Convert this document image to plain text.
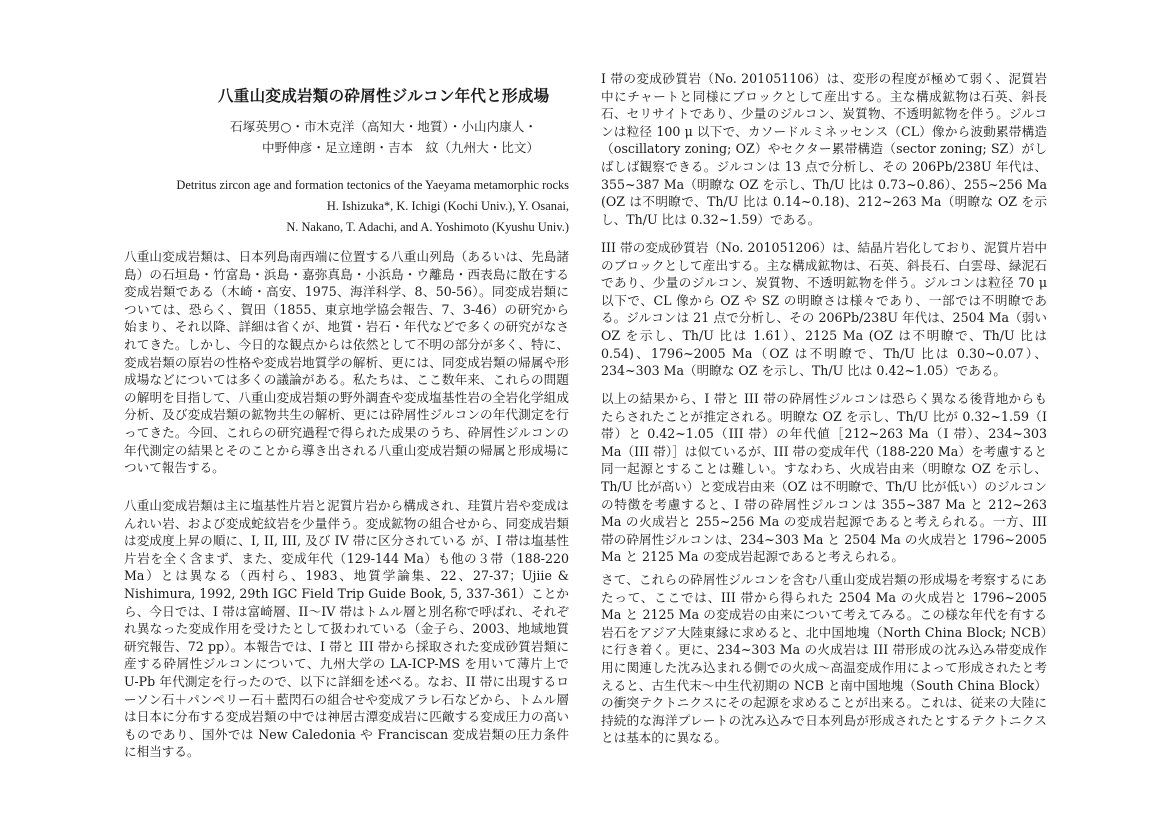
八重山変成岩類の砕屑性ジルコン年代と形成場
石塚英男○・市木克洋（高知大・地質）・小山内康人・
中野伸彦・足立達朗・吉本　紋（九州大・比文）
Detritus zircon age and formation tectonics of the Yaeyama metamorphic rocks
H. Ishizuka*, K. Ichigi (Kochi Univ.), Y. Osanai,
N. Nakano, T. Adachi, and A. Yoshimoto (Kyushu Univ.)

八重山変成岩類は、日本列島南西端に位置する八重山列島（あるいは、先島諸島）の石垣島・竹富島・浜島・嘉弥真島・小浜島・ウ離島・西表島に散在する変成岩類である（木崎・高安、1975、海洋科学、8、50-56）。同変成岩類については、恐らく、賀田（1855、東京地学協会報告、7、3-46）の研究から始まり、それ以降、詳細は省くが、地質・岩石・年代などで多くの研究がなされてきた。しかし、今日的な観点からは依然として不明の部分が多く、特に、変成岩類の原岩の性格や変成岩地質学の解析、更には、同変成岩類の帰属や形成場などについては多くの議論がある。私たちは、ここ数年来、これらの問題の解明を目指して、八重山変成岩類の野外調査や変成塩基性岩の全岩化学組成分析、及び変成岩類の鉱物共生の解析、更には砕屑性ジルコンの年代測定を行ってきた。今回、これらの研究過程で得られた成果のうち、砕屑性ジルコンの年代測定の結果とそのことから導き出される八重山変成岩類の帰属と形成場について報告する。

八重山変成岩類は主に塩基性片岩と泥質片岩から構成され、珪質片岩や変成はんれい岩、および変成蛇紋岩を少量伴う。変成鉱物の組合せから、同変成岩類は変成度上昇の順に、I, II, III, 及び IV 帯に区分されている が、I 帯は塩基性片岩を全く含まず、また、変成年代（129-144 Ma）も他の３帯（188-220 Ma）とは異なる（西村ら、1983、地質学論集、22、27-37；Ujiie & Nishimura, 1992, 29th IGC Field Trip Guide Book, 5, 337-361）ことから、今日では、I 帯は富崎層、II～IV 帯はトムル層と別名称で呼ばれ、それぞれ異なった変成作用を受けたとして扱われている（金子ら、2003、地域地質研究報告、72 pp）。本報告では、I 帯と III 帯から採取された変成砂質岩類に産する砕屑性ジルコンについて、九州大学の LA-ICP-MS を用いて薄片上で U-Pb 年代測定を行ったので、以下に詳細を述べる。なお、II 帯に出現するローソン石＋パンペリー石＋藍閃石の組合せや変成アラレ石などから、トムル層は日本に分布する変成岩類の中では神居古潭変成岩に匹敵する変成圧力の高いものであり、国外では New Caledonia や Franciscan 変成岩類の圧力条件に相当する。

I 帯の変成砂質岩（No. 201051106）は、変形の程度が極めて弱く、泥質岩中にチャートと同様にブロックとして産出する。主な構成鉱物は石英、斜長石、セリサイトであり、少量のジルコン、炭質物、不透明鉱物を伴う。ジルコンは粒径 100 μ 以下で、カソードルミネッセンス（CL）像から波動累帯構造（oscillatory zoning; OZ）やセクター累帯構造（sector zoning; SZ）がしばしば観察できる。ジルコンは 13 点で分析し、その 206Pb/238U 年代は、355~387 Ma（明瞭な OZ を示し、Th/U 比は 0.73~0.86）、255~256 Ma (OZ は不明瞭で、Th/U 比は 0.14~0.18)、212~263 Ma（明瞭な OZ を示し、Th/U 比は 0.32~1.59）である。

III 帯の変成砂質岩（No. 201051206）は、結晶片岩化しており、泥質片岩中のブロックとして産出する。主な構成鉱物は、石英、斜長石、白雲母、緑泥石であり、少量のジルコン、炭質物、不透明鉱物を伴う。ジルコンは粒径 70 μ 以下で、CL 像から OZ や SZ の明瞭さは様々であり、一部では不明瞭である。ジルコンは 21 点で分析し、その 206Pb/238U 年代は、2504 Ma（弱い OZ を示し、Th/U 比は 1.61）、2125 Ma (OZ は不明瞭で、Th/U 比は 0.54)、1796~2005 Ma（OZ は不明瞭で、Th/U 比は 0.30~0.07）、234~303 Ma（明瞭な OZ を示し、Th/U 比は 0.42~1.05）である。

以上の結果から、I 帯と III 帯の砕屑性ジルコンは恐らく異なる後背地からもたらされたことが推定される。明瞭な OZ を示し、Th/U 比が 0.32~1.59（I 帯）と 0.42~1.05（III 帯）の年代値［212~263 Ma（I 帯）、234~303 Ma（III 帯）］は似ているが、III 帯の変成年代（188-220 Ma）を考慮すると同一起源とすることは難しい。すなわち、火成岩由来（明瞭な OZ を示し、Th/U 比が高い）と変成岩由来（OZ は不明瞭で、Th/U 比が低い）のジルコンの特徴を考慮すると、I 帯の砕屑性ジルコンは 355~387 Ma と 212~263 Ma の火成岩と 255~256 Ma の変成岩起源であると考えられる。一方、III 帯の砕屑性ジルコンは、234~303 Ma と 2504 Ma の火成岩と 1796~2005 Ma と 2125 Ma の変成岩起源であると考えられる。

さて、これらの砕屑性ジルコンを含む八重山変成岩類の形成場を考察するにあたって、ここでは、III 帯から得られた 2504 Ma の火成岩と 1796~2005 Ma と 2125 Ma の変成岩の由来について考えてみる。この様な年代を有する岩石をアジア大陸東縁に求めると、北中国地塊（North China Block; NCB）に行き着く。更に、234~303 Ma の火成岩は III 帯形成の沈み込み帯変成作用に関連した沈み込まれる側での火成～高温変成作用によって形成されたと考えると、古生代末～中生代初期の NCB と南中国地塊（South China Block）の衝突テクトニクスにその起源を求めることが出来る。これは、従来の大陸に持続的な海洋プレートの沈み込みで日本列島が形成されたとするテクトニクスとは基本的に異なる。
